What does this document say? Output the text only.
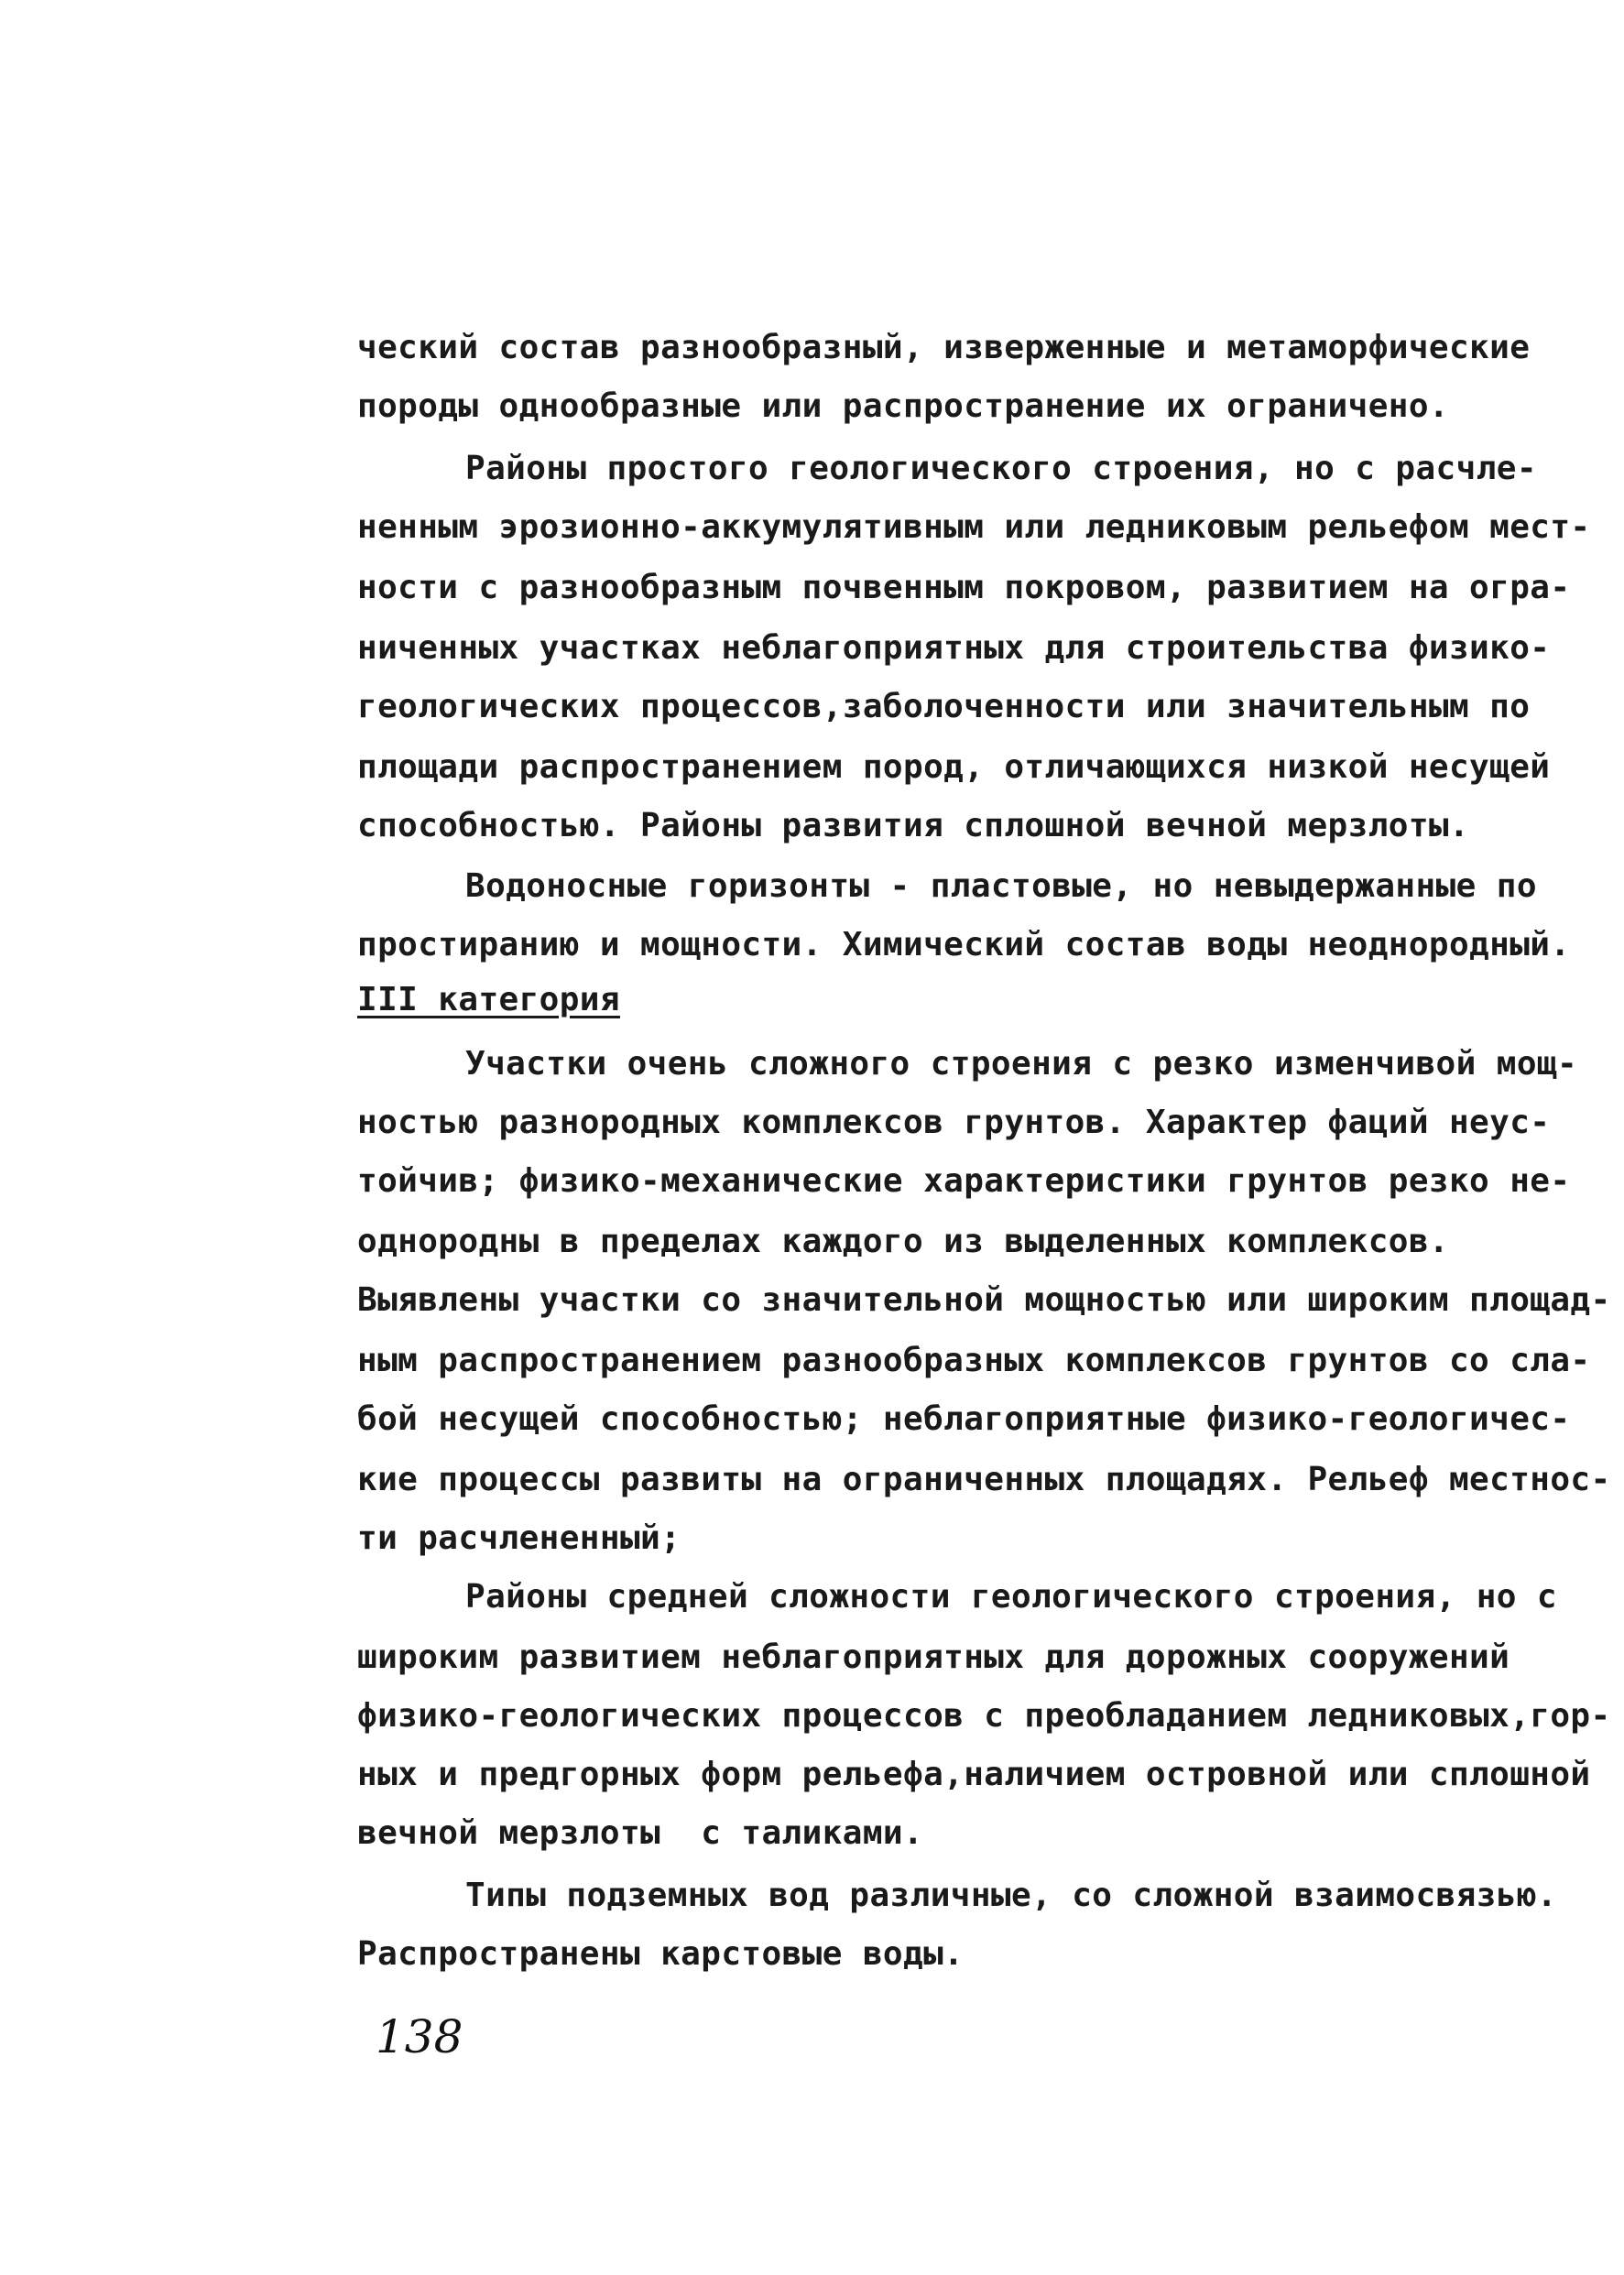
ческий состав разнообразный, изверженные и метаморфические
породы однообразные или распространение их ограничено.
Районы простого геологического строения, но с расчле-
ненным эрозионно-аккумулятивным или ледниковым рельефом мест-
ности с разнообразным почвенным покровом, развитием на огра-
ниченных участках неблагоприятных для строительства физико-
геологических процессов,заболоченности или значительным по
площади распространением пород, отличающихся низкой несущей
способностью. Районы развития сплошной вечной мерзлоты.
Водоносные горизонты - пластовые, но невыдержанные по
простиранию и мощности. Химический состав воды неоднородный.
III категория
Участки очень сложного строения с резко изменчивой мощ-
ностью разнородных комплексов грунтов. Характер фаций неуc-
тойчив; физико-механические характеристики грунтов резко не-
однородны в пределах каждого из выделенных комплексов.
Выявлены участки со значительной мощностью или широким площад-
ным распространением разнообразных комплексов грунтов со сла-
бой несущей способностью; неблагоприятные физико-геологичес-
кие процессы развиты на ограниченных площадях. Рельеф местнос-
ти расчлененный;
Районы средней сложности геологического строения, но с
широким развитием неблагоприятных для дорожных сооружений
физико-геологических процессов с преобладанием ледниковых,гор-
ных и предгорных форм рельефа,наличием островной или сплошной
вечной мерзлоты  с таликами.
Типы подземных вод различные, со сложной взаимосвязью.
Распространены карстовые воды.
138
